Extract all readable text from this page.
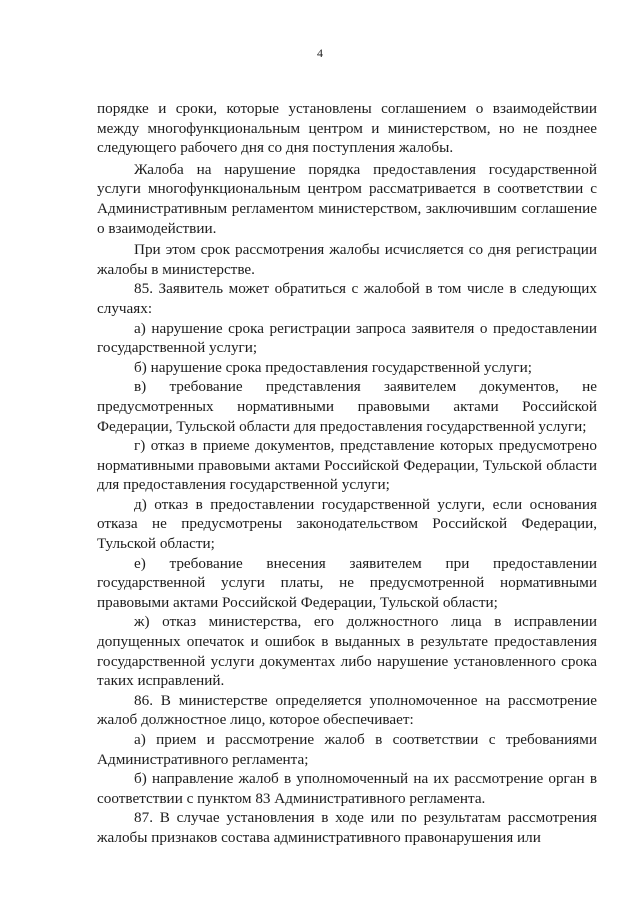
4

порядке и сроки, которые установлены соглашением о взаимодействии между многофункциональным центром и министерством, но не позднее следующего рабочего дня со дня поступления жалобы.

Жалоба на нарушение порядка предоставления государственной услуги многофункциональным центром рассматривается в соответствии с Административным регламентом министерством, заключившим соглашение о взаимодействии.

При этом срок рассмотрения жалобы исчисляется со дня регистрации жалобы в министерстве.

85. Заявитель может обратиться с жалобой в том числе в следующих случаях:

а) нарушение срока регистрации запроса заявителя о предоставлении государственной услуги;

б) нарушение срока предоставления государственной услуги;

в) требование представления заявителем документов, не предусмотренных нормативными правовыми актами Российской Федерации, Тульской области для предоставления государственной услуги;

г) отказ в приеме документов, представление которых предусмотрено нормативными правовыми актами Российской Федерации, Тульской области для предоставления государственной услуги;

д) отказ в предоставлении государственной услуги, если основания отказа не предусмотрены законодательством Российской Федерации, Тульской области;

е) требование внесения заявителем при предоставлении государственной услуги платы, не предусмотренной нормативными правовыми актами Российской Федерации, Тульской области;

ж) отказ министерства, его должностного лица в исправлении допущенных опечаток и ошибок в выданных в результате предоставления государственной услуги документах либо нарушение установленного срока таких исправлений.

86. В министерстве определяется уполномоченное на рассмотрение жалоб должностное лицо, которое обеспечивает:

а) прием и рассмотрение жалоб в соответствии с требованиями Административного регламента;

б) направление жалоб в уполномоченный на их рассмотрение орган в соответствии с пунктом 83 Административного регламента.

87. В случае установления в ходе или по результатам рассмотрения жалобы признаков состава административного правонарушения или
